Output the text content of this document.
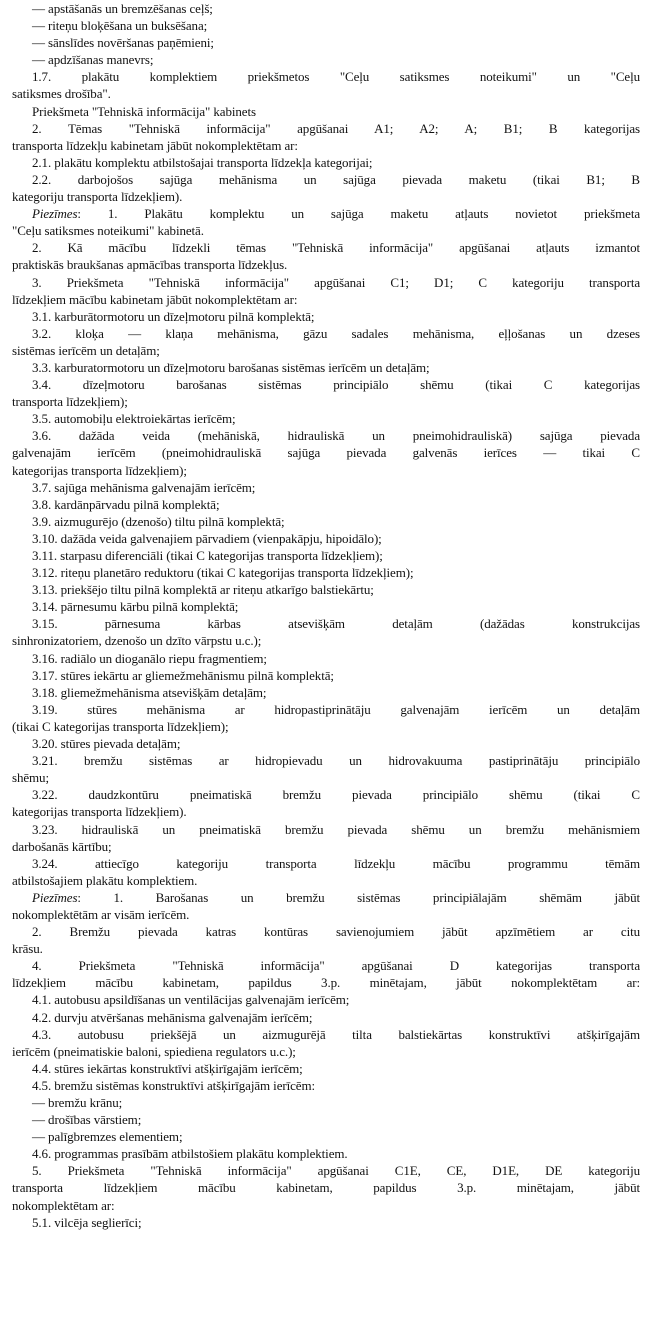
— apstāšanās un bremzēšanas ceļš;
— riteņu bloķēšana un buksēšana;
— sānslīdes novēršanas paņēmieni;
— apdzīšanas manevrs;
1.7. plakātu komplektiem priekšmetos "Ceļu satiksmes noteikumi" un "Ceļu
satiksmes drošība".
Priekšmeta "Tehniskā informācija" kabinets
2. Tēmas "Tehniskā informācija" apgūšanai A1; A2; A; B1; B kategorijas
transporta līdzekļu kabinetam jābūt nokomplektētam ar:
2.1. plakātu komplektu atbilstošajai transporta līdzekļa kategorijai;
2.2. darbojošos sajūga mehānisma un sajūga pievada maketu (tikai B1; B
kategoriju transporta līdzekļiem).
Piezīmes: 1. Plakātu komplektu un sajūga maketu atļauts novietot priekšmeta
"Ceļu satiksmes noteikumi" kabinetā.
2. Kā mācību līdzekli tēmas "Tehniskā informācija" apgūšanai atļauts izmantot
praktiskās braukšanas apmācības transporta līdzekļus.
3. Priekšmeta "Tehniskā informācija" apgūšanai C1; D1; C kategoriju transporta
līdzekļiem mācību kabinetam jābūt nokomplektētam ar:
3.1. karburātormotoru un dīzeļmotoru pilnā komplektā;
3.2. kloķa — klaņa mehānisma, gāzu sadales mehānisma, eļļošanas un dzeses
sistēmas ierīcēm un detaļām;
3.3. karburatormotoru un dīzeļmotoru barošanas sistēmas ierīcēm un detaļām;
3.4. dīzeļmotoru barošanas sistēmas principiālo shēmu (tikai C kategorijas
transporta līdzekļiem);
3.5. automobiļu elektroiekārtas ierīcēm;
3.6. dažāda veida (mehāniskā, hidrauliskā un pneimohidrauliskā) sajūga pievada
galvenajām ierīcēm (pneimohidrauliskā sajūga pievada galvenās ierīces — tikai C
kategorijas transporta līdzekļiem);
3.7. sajūga mehānisma galvenajām ierīcēm;
3.8. kardānpārvadu pilnā komplektā;
3.9. aizmugurējo (dzenošo) tiltu pilnā komplektā;
3.10. dažāda veida galvenajiem pārvadiem (vienpakāpju, hipoidālo);
3.11. starpasu diferenciāli (tikai C kategorijas transporta līdzekļiem);
3.12. riteņu planetāro reduktoru (tikai C kategorijas transporta līdzekļiem);
3.13. priekšējo tiltu pilnā komplektā ar riteņu atkarīgo balstiekārtu;
3.14. pārnesumu kārbu pilnā komplektā;
3.15. pārnesuma kārbas atsevišķām detaļām (dažādas konstrukcijas
sinhronizatoriem, dzenošo un dzīto vārpstu u.c.);
3.16. radiālo un dioganālo riepu fragmentiem;
3.17. stūres iekārtu ar gliemežmehānismu pilnā komplektā;
3.18. gliemežmehānisma atsevišķām detaļām;
3.19. stūres mehānisma ar hidropastiprinātāju galvenajām ierīcēm un detaļām
(tikai C kategorijas transporta līdzekļiem);
3.20. stūres pievada detaļām;
3.21. bremžu sistēmas ar hidropievadu un hidrovakuuma pastiprinātāju principiālo
shēmu;
3.22. daudzkontūru pneimatiskā bremžu pievada principiālo shēmu (tikai C
kategorijas transporta līdzekļiem).
3.23. hidrauliskā un pneimatiskā bremžu pievada shēmu un bremžu mehānismiem
darbošanās kārtību;
3.24. attiecīgo kategoriju transporta līdzekļu mācību programmu tēmām
atbilstošajiem plakātu komplektiem.
Piezīmes: 1. Barošanas un bremžu sistēmas principiālajām shēmām jābūt
nokomplektētām ar visām ierīcēm.
2. Bremžu pievada katras kontūras savienojumiem jābūt apzīmētiem ar citu
krāsu.
4. Priekšmeta "Tehniskā informācija" apgūšanai D kategorijas transporta
līdzekļiem mācību kabinetam, papildus 3.p. minētajam, jābūt nokomplektētam ar:
4.1. autobusu apsildīšanas un ventilācijas galvenajām ierīcēm;
4.2. durvju atvēršanas mehānisma galvenajām ierīcēm;
4.3. autobusu priekšējā un aizmugurējā tilta balstiekārtas konstruktīvi atšķirīgajām
ierīcēm (pneimatiskie baloni, spiediena regulators u.c.);
4.4. stūres iekārtas konstruktīvi atšķirīgajām ierīcēm;
4.5. bremžu sistēmas konstruktīvi atšķirīgajām ierīcēm:
— bremžu krānu;
— drošības vārstiem;
— palīgbremzes elementiem;
4.6. programmas prasībām atbilstošiem plakātu komplektiem.
5. Priekšmeta "Tehniskā informācija" apgūšanai C1E, CE, D1E, DE kategoriju
transporta līdzekļiem mācību kabinetam, papildus 3.p. minētajam, jābūt
nokomplektētam ar:
5.1. vilcēja seglierīci;
